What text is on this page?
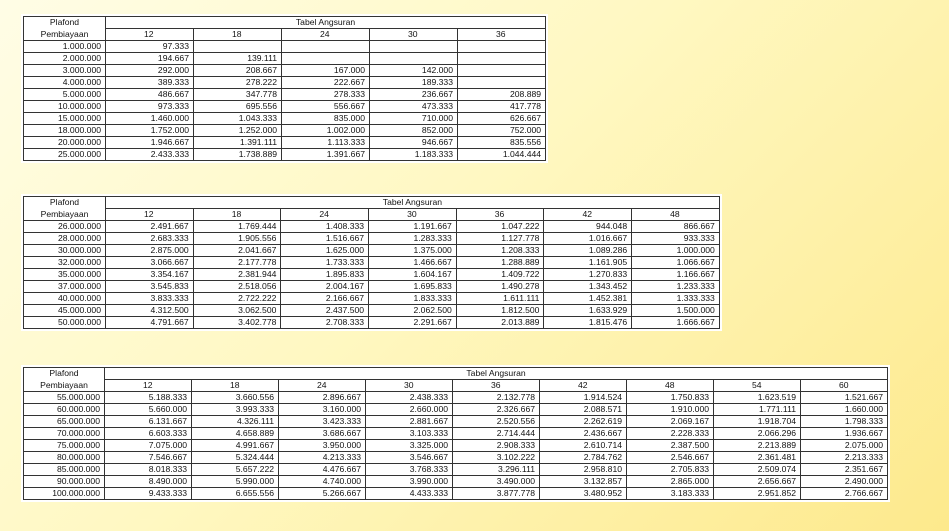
Plafond	Tabel Angsuran				
Pembiayaan	12	18	24	30	36
1.000.000	97.333				
2.000.000	194.667	139.111			
3.000.000	292.000	208.667	167.000	142.000	
4.000.000	389.333	278.222	222.667	189.333	
5.000.000	486.667	347.778	278.333	236.667	208.889
10.000.000	973.333	695.556	556.667	473.333	417.778
15.000.000	1.460.000	1.043.333	835.000	710.000	626.667
18.000.000	1.752.000	1.252.000	1.002.000	852.000	752.000
20.000.000	1.946.667	1.391.111	1.113.333	946.667	835.556
25.000.000	2.433.333	1.738.889	1.391.667	1.183.333	1.044.444
Plafond	Tabel Angsuran						
Pembiayaan	12	18	24	30	36	42	48
26.000.000	2.491.667	1.769.444	1.408.333	1.191.667	1.047.222	944.048	866.667
28.000.000	2.683.333	1.905.556	1.516.667	1.283.333	1.127.778	1.016.667	933.333
30.000.000	2.875.000	2.041.667	1.625.000	1.375.000	1.208.333	1.089.286	1.000.000
32.000.000	3.066.667	2.177.778	1.733.333	1.466.667	1.288.889	1.161.905	1.066.667
35.000.000	3.354.167	2.381.944	1.895.833	1.604.167	1.409.722	1.270.833	1.166.667
37.000.000	3.545.833	2.518.056	2.004.167	1.695.833	1.490.278	1.343.452	1.233.333
40.000.000	3.833.333	2.722.222	2.166.667	1.833.333	1.611.111	1.452.381	1.333.333
45.000.000	4.312.500	3.062.500	2.437.500	2.062.500	1.812.500	1.633.929	1.500.000
50.000.000	4.791.667	3.402.778	2.708.333	2.291.667	2.013.889	1.815.476	1.666.667
Plafond	Tabel Angsuran								
Pembiayaan	12	18	24	30	36	42	48	54	60
55.000.000	5.188.333	3.660.556	2.896.667	2.438.333	2.132.778	1.914.524	1.750.833	1.623.519	1.521.667
60.000.000	5.660.000	3.993.333	3.160.000	2.660.000	2.326.667	2.088.571	1.910.000	1.771.111	1.660.000
65.000.000	6.131.667	4.326.111	3.423.333	2.881.667	2.520.556	2.262.619	2.069.167	1.918.704	1.798.333
70.000.000	6.603.333	4.658.889	3.686.667	3.103.333	2.714.444	2.436.667	2.228.333	2.066.296	1.936.667
75.000.000	7.075.000	4.991.667	3.950.000	3.325.000	2.908.333	2.610.714	2.387.500	2.213.889	2.075.000
80.000.000	7.546.667	5.324.444	4.213.333	3.546.667	3.102.222	2.784.762	2.546.667	2.361.481	2.213.333
85.000.000	8.018.333	5.657.222	4.476.667	3.768.333	3.296.111	2.958.810	2.705.833	2.509.074	2.351.667
90.000.000	8.490.000	5.990.000	4.740.000	3.990.000	3.490.000	3.132.857	2.865.000	2.656.667	2.490.000
100.000.000	9.433.333	6.655.556	5.266.667	4.433.333	3.877.778	3.480.952	3.183.333	2.951.852	2.766.667
